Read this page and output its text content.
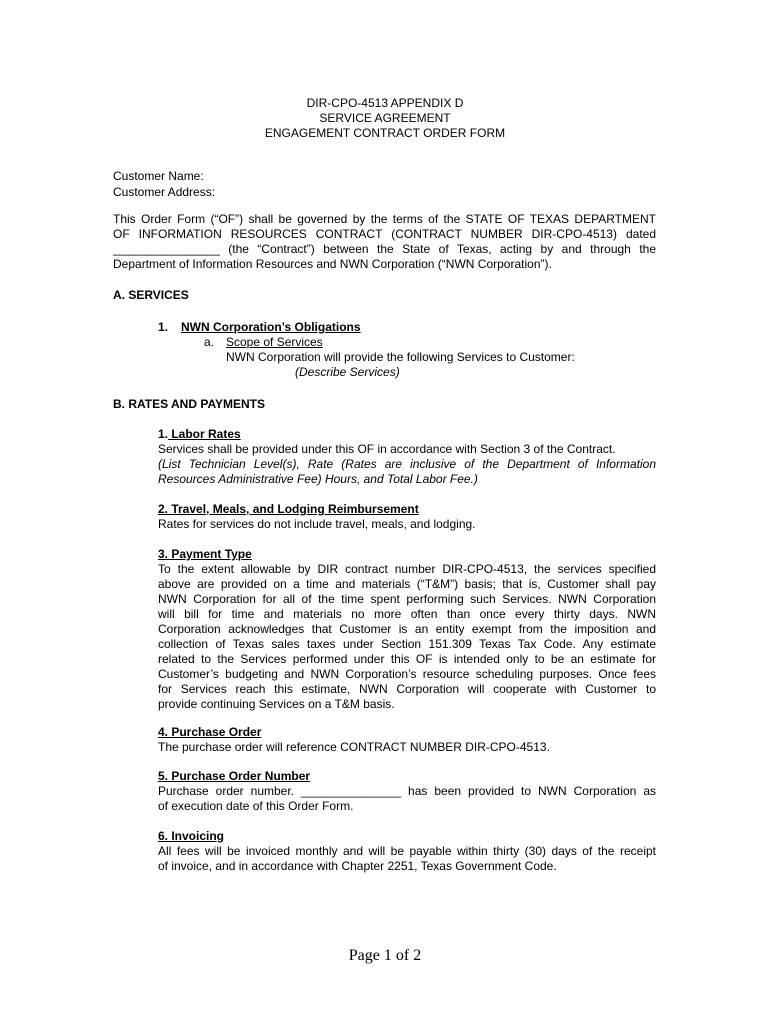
DIR-CPO-4513 APPENDIX D
SERVICE AGREEMENT
ENGAGEMENT CONTRACT ORDER FORM
Customer Name:
Customer Address:
This Order Form (“OF”) shall be governed by the terms of the STATE OF TEXAS DEPARTMENT
OF INFORMATION RESOURCES CONTRACT (CONTRACT NUMBER DIR-CPO-4513) dated
________________ (the “Contract”) between the State of Texas, acting by and through the
Department of Information Resources and NWN Corporation (“NWN Corporation”).
A. SERVICES
1. NWN Corporation’s Obligations
a. Scope of Services
NWN Corporation will provide the following Services to Customer:
(Describe Services)
B. RATES AND PAYMENTS
1. Labor Rates
Services shall be provided under this OF in accordance with Section 3 of the Contract.
(List Technician Level(s), Rate (Rates are inclusive of the Department of Information
Resources Administrative Fee) Hours, and Total Labor Fee.)
2. Travel, Meals, and Lodging Reimbursement
Rates for services do not include travel, meals, and lodging.
3. Payment Type
To the extent allowable by DIR contract number DIR-CPO-4513, the services specified
above are provided on a time and materials (“T&M”) basis; that is, Customer shall pay
NWN Corporation for all of the time spent performing such Services. NWN Corporation
will bill for time and materials no more often than once every thirty days. NWN
Corporation acknowledges that Customer is an entity exempt from the imposition and
collection of Texas sales taxes under Section 151.309 Texas Tax Code. Any estimate
related to the Services performed under this OF is intended only to be an estimate for
Customer’s budgeting and NWN Corporation’s resource scheduling purposes. Once fees
for Services reach this estimate, NWN Corporation will cooperate with Customer to
provide continuing Services on a T&M basis.
4. Purchase Order
The purchase order will reference CONTRACT NUMBER DIR-CPO-4513.
5. Purchase Order Number
Purchase order number. _______________ has been provided to NWN Corporation as
of execution date of this Order Form.
6. Invoicing
All fees will be invoiced monthly and will be payable within thirty (30) days of the receipt
of invoice, and in accordance with Chapter 2251, Texas Government Code.
Page 1 of 2
